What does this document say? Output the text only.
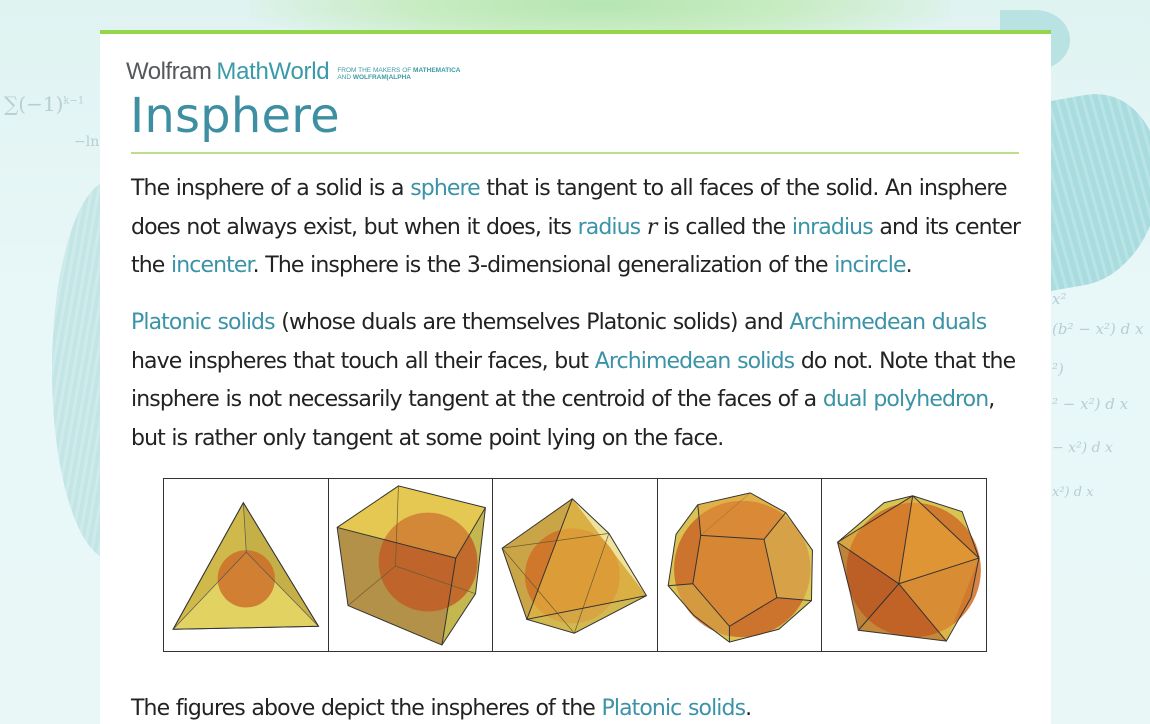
$\sum(-1)^{k-1}$
−ln
x²
(b² − x²) d x
²)
² − x²) d x
− x²) d x
x²) d x
Wolfram MathWorld FROM THE MAKERS OF MATHEMATICA
AND WOLFRAM|ALPHA
Insphere

The insphere of a solid is a sphere that is tangent to all faces of the solid. An insphere does not always exist, but when it does, its radius r is called the inradius and its center the incenter. The insphere is the 3-dimensional generalization of the incircle.

Platonic solids (whose duals are themselves Platonic solids) and Archimedean duals have inspheres that touch all their faces, but Archimedean solids do not. Note that the insphere is not necessarily tangent at the centroid of the faces of a dual polyhedron, but is rather only tangent at some point lying on the face.

The figures above depict the inspheres of the Platonic solids.
